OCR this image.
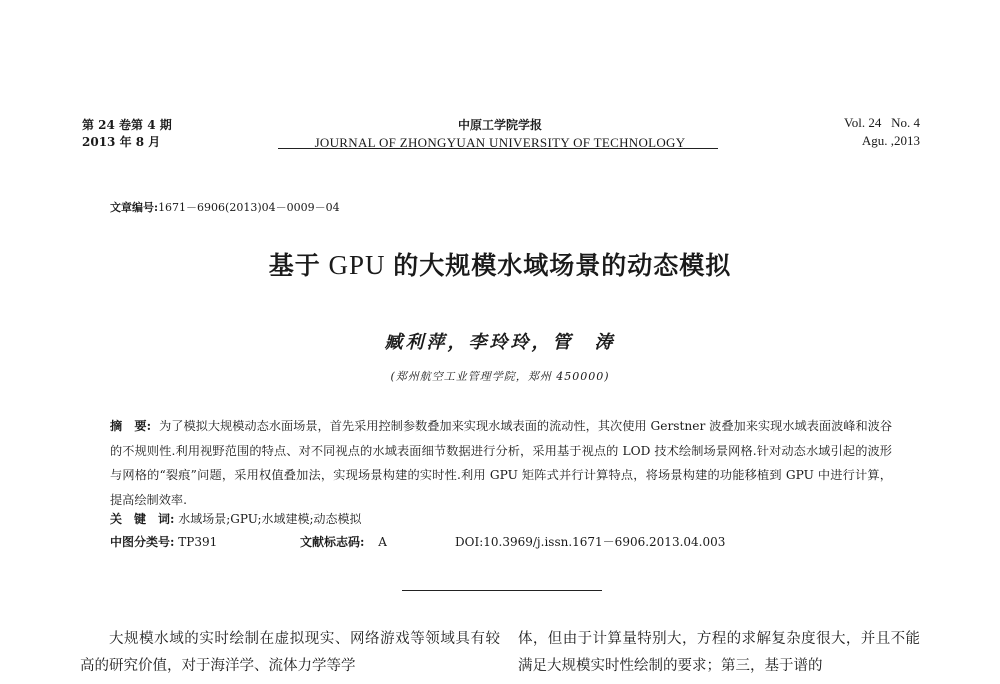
第 24 卷第 4 期
2013 年 8 月
中原工学院学报
JOURNAL OF ZHONGYUAN UNIVERSITY OF TECHNOLOGY
Vol. 24   No. 4
Agu. ,2013
文章编号:1671－6906(2013)04－0009－04
基于 GPU 的大规模水域场景的动态模拟
臧利萍，李玲玲，管　涛
(郑州航空工业管理学院，郑州 450000)
摘　要: 为了模拟大规模动态水面场景，首先采用控制参数叠加来实现水域表面的流动性，其次使用 Gerstner 波叠加来实现水域表面波峰和波谷的不规则性.利用视野范围的特点、对不同视点的水域表面细节数据进行分析，采用基于视点的 LOD 技术绘制场景网格.针对动态水域引起的波形与网格的“裂痕”问题，采用权值叠加法，实现场景构建的实时性.利用 GPU 矩阵式并行计算特点，将场景构建的功能移植到 GPU 中进行计算，提高绘制效率.
关　键　词: 水域场景;GPU;水域建模;动态模拟
中图分类号: TP391	文献标志码: A	DOI:10.3969/j.issn.1671－6906.2013.04.003
大规模水域的实时绘制在虚拟现实、网络游戏等领域具有较高的研究价值，对于海洋学、流体力学等学
体，但由于计算量特别大，方程的求解复杂度很大，并且不能满足大规模实时性绘制的要求；第三，基于谱的
